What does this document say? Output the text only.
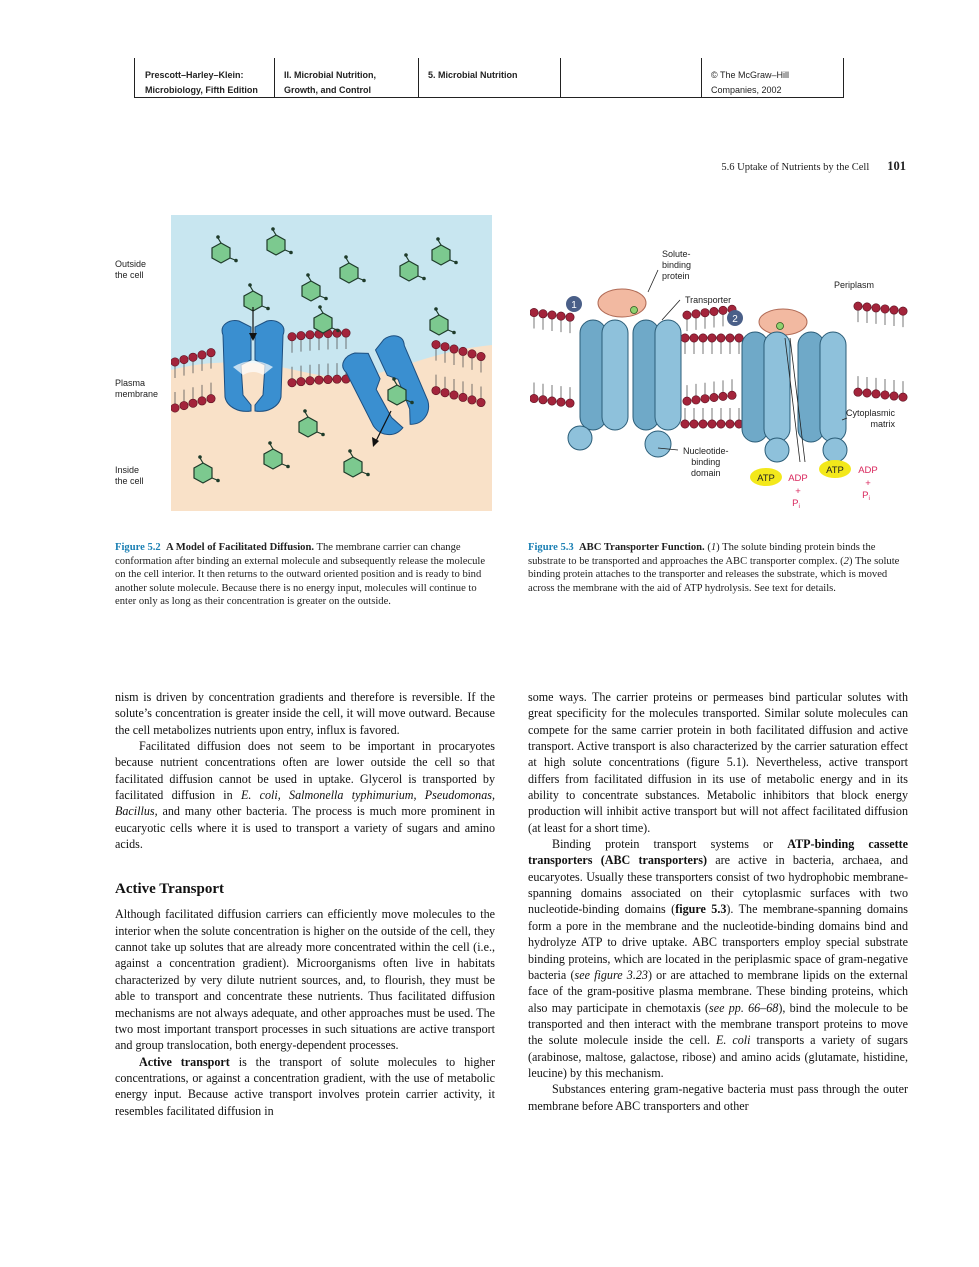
Prescott–Harley–Klein:
Microbiology, Fifth Edition
II. Microbial Nutrition,
Growth, and Control
5. Microbial Nutrition	© The McGraw–Hill
Companies, 2002
5.6 Uptake of Nutrients by the Cell 101
Outside
the cell
Plasma
membrane
Inside
the cell
1
2
ATP
ATP
ADP
+
$P_i$
ADP
+
$P_i$
Solute-
binding
protein
Transporter
Periplasm
Cytoplasmic
matrix
Nucleotide-
binding
domain
Figure 5.2 A Model of Facilitated Diffusion. The membrane carrier can change conformation after binding an external molecule and subsequently release the molecule on the cell interior. It then returns to the outward oriented position and is ready to bind another solute molecule. Because there is no energy input, molecules will continue to enter only as long as their concentration is greater on the outside.
Figure 5.3 ABC Transporter Function. (1) The solute binding protein binds the substrate to be transported and approaches the ABC transporter complex. (2) The solute binding protein attaches to the transporter and releases the substrate, which is moved across the membrane with the aid of ATP hydrolysis. See text for details.

nism is driven by concentration gradients and therefore is reversible. If the solute’s concentration is greater inside the cell, it will move outward. Because the cell metabolizes nutrients upon entry, influx is favored.

Facilitated diffusion does not seem to be important in procaryotes because nutrient concentrations often are lower outside the cell so that facilitated diffusion cannot be used in uptake. Glycerol is transported by facilitated diffusion in E. coli, Salmonella typhimurium, Pseudomonas, Bacillus, and many other bacteria. The process is much more prominent in eucaryotic cells where it is used to transport a variety of sugars and amino acids.

Active Transport

Although facilitated diffusion carriers can efficiently move molecules to the interior when the solute concentration is higher on the outside of the cell, they cannot take up solutes that are already more concentrated within the cell (i.e., against a concentration gradient). Microorganisms often live in habitats characterized by very dilute nutrient sources, and, to flourish, they must be able to transport and concentrate these nutrients. Thus facilitated diffusion mechanisms are not always adequate, and other approaches must be used. The two most important transport processes in such situations are active transport and group translocation, both energy-dependent processes.

Active transport is the transport of solute molecules to higher concentrations, or against a concentration gradient, with the use of metabolic energy input. Because active transport involves protein carrier activity, it resembles facilitated diffusion in

some ways. The carrier proteins or permeases bind particular solutes with great specificity for the molecules transported. Similar solute molecules can compete for the same carrier protein in both facilitated diffusion and active transport. Active transport is also characterized by the carrier saturation effect at high solute concentrations (figure 5.1). Nevertheless, active transport differs from facilitated diffusion in its use of metabolic energy and in its ability to concentrate substances. Metabolic inhibitors that block energy production will inhibit active transport but will not affect facilitated diffusion (at least for a short time).

Binding protein transport systems or ATP-binding cassette transporters (ABC transporters) are active in bacteria, archaea, and eucaryotes. Usually these transporters consist of two hydrophobic membrane-spanning domains associated on their cytoplasmic surfaces with two nucleotide-binding domains (figure 5.3). The membrane-spanning domains form a pore in the membrane and the nucleotide-binding domains bind and hydrolyze ATP to drive uptake. ABC transporters employ special substrate binding proteins, which are located in the periplasmic space of gram-negative bacteria (see figure 3.23) or are attached to membrane lipids on the external face of the gram-positive plasma membrane. These binding proteins, which also may participate in chemotaxis (see pp. 66–68), bind the molecule to be transported and then interact with the membrane transport proteins to move the solute molecule inside the cell. E. coli transports a variety of sugars (arabinose, maltose, galactose, ribose) and amino acids (glutamate, histidine, leucine) by this mechanism.

Substances entering gram-negative bacteria must pass through the outer membrane before ABC transporters and other
